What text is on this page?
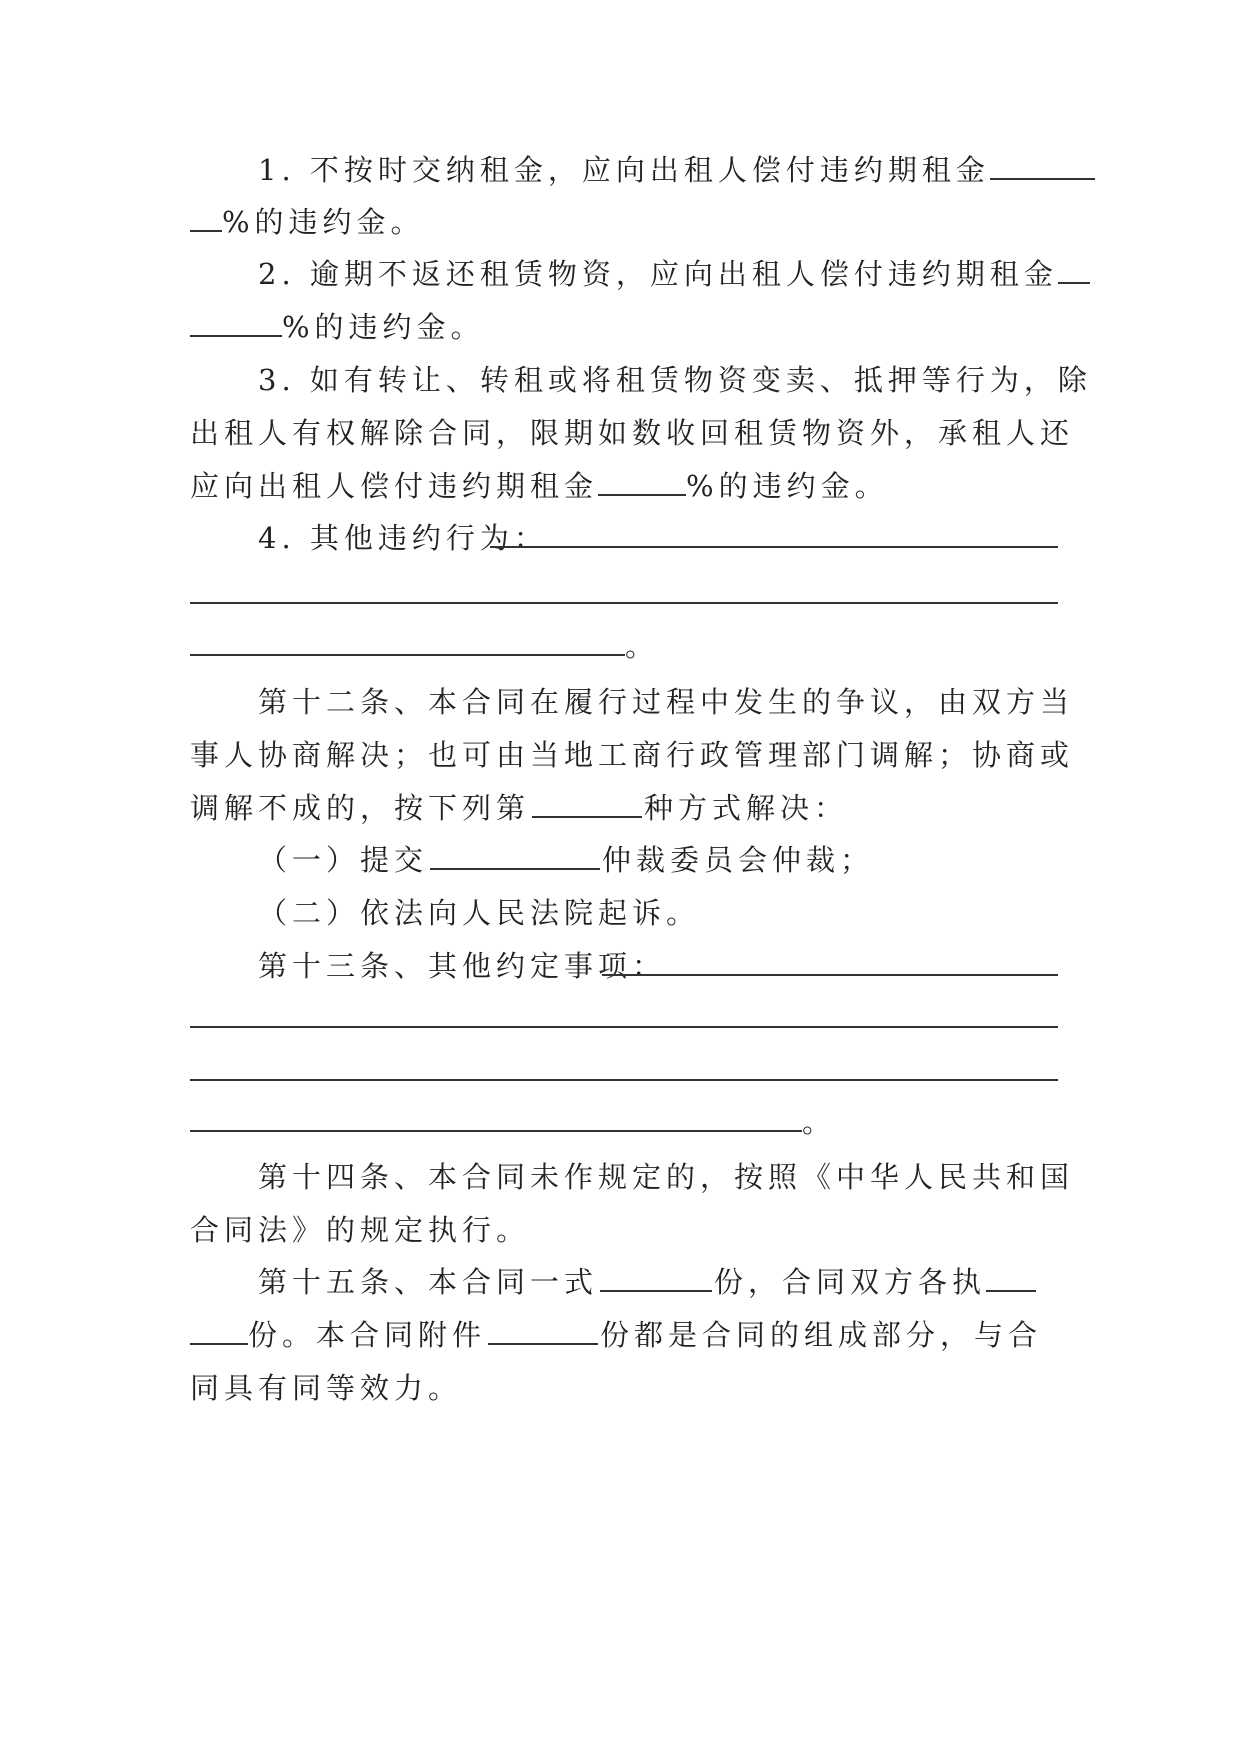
1. 不按时交纳租金，应向出租人偿付违约期租金
%的违约金。
2. 逾期不返还租赁物资，应向出租人偿付违约期租金
%的违约金。
3. 如有转让、转租或将租赁物资变卖、抵押等行为，除
出租人有权解除合同，限期如数收回租赁物资外，承租人还
应向出租人偿付违约期租金	%的违约金。
4. 其他违约行为：
。
第十二条、本合同在履行过程中发生的争议，由双方当
事人协商解决；也可由当地工商行政管理部门调解；协商或
调解不成的，按下列第	种方式解决：
（一）提交	仲裁委员会仲裁；
（二）依法向人民法院起诉。
第十三条、其他约定事项：
。
第十四条、本合同未作规定的，按照《中华人民共和国
合同法》的规定执行。
第十五条、本合同一式	份，合同双方各执
份。本合同附件	份都是合同的组成部分，与合
同具有同等效力。
